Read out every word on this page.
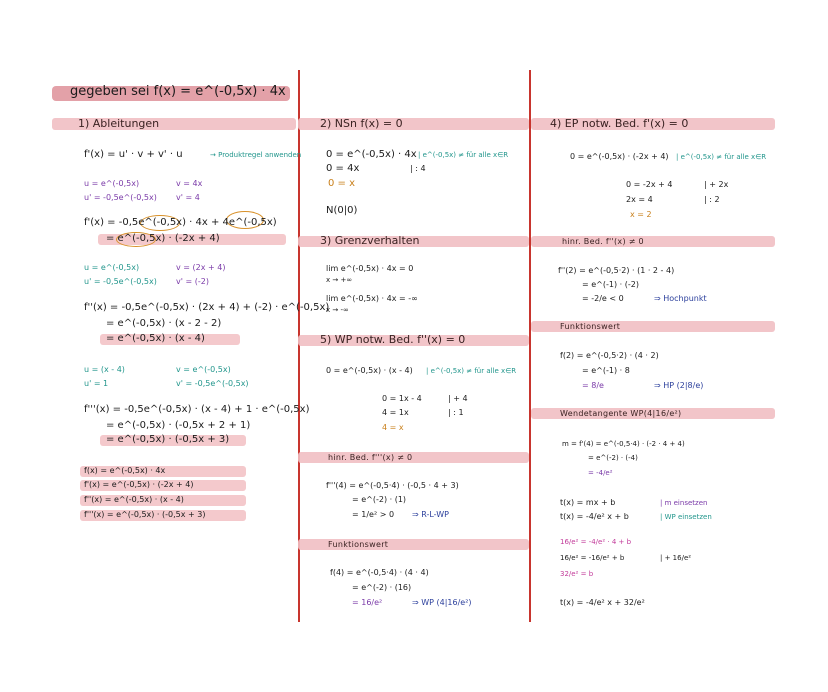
gegeben sei f(x) = e^(-0,5x) · 4x
1) Ableitungen
f'(x) = u' · v + v' · u	→ Produktregel anwenden
u = e^(-0,5x)
u' = -0,5e^(-0,5x)
v = 4x
v' = 4
f'(x) = -0,5e^(-0,5x) · 4x + 4e^(-0,5x)
= e^(-0,5x) · (-2x + 4)
u = e^(-0,5x)
u' = -0,5e^(-0,5x)
v = (2x + 4)
v' = (-2)
f''(x) = -0,5e^(-0,5x) · (2x + 4) + (-2) · e^(-0,5x)
= e^(-0,5x) · (x - 2 - 2)
= e^(-0,5x) · (x - 4)
u = (x - 4)
u' = 1
v = e^(-0,5x)
v' = -0,5e^(-0,5x)
f'''(x) = -0,5e^(-0,5x) · (x - 4) + 1 · e^(-0,5x)
= e^(-0,5x) · (-0,5x + 2 + 1)
= e^(-0,5x) · (-0,5x + 3)
f(x) = e^(-0,5x) · 4x
f'(x) = e^(-0,5x) · (-2x + 4)
f''(x) = e^(-0,5x) · (x - 4)
f'''(x) = e^(-0,5x) · (-0,5x + 3)
2) NSn f(x) = 0
0 = e^(-0,5x) · 4x | e^(-0,5x) ≠ für alle x∈R
0 = 4x	| : 4
0 = x
N(0|0)
3) Grenzverhalten
lim e^(-0,5x) · 4x = 0
x → +∞
lim e^(-0,5x) · 4x = -∞
x → -∞
5) WP notw. Bed. f''(x) = 0
0 = e^(-0,5x) · (x - 4) | e^(-0,5x) ≠ für alle x∈R
0 = 1x - 4	| + 4
4 = 1x	| : 1
4 = x
hinr. Bed. f'''(x) ≠ 0
f'''(4) = e^(-0,5·4) · (-0,5 · 4 + 3)
= e^(-2) · (1)
= 1/e² > 0 ⇒ R-L-WP
Funktionswert
f(4) = e^(-0,5·4) · (4 · 4)
= e^(-2) · (16)
= 16/e²	⇒ WP (4|16/e²)
4) EP notw. Bed. f'(x) = 0
0 = e^(-0,5x) · (-2x + 4) | e^(-0,5x) ≠ für alle x∈R
0 = -2x + 4	| + 2x
2x = 4	| : 2
x = 2
hinr. Bed. f''(x) ≠ 0
f''(2) = e^(-0,5·2) · (1 · 2 - 4)
= e^(-1) · (-2)
= -2/e < 0	⇒ Hochpunkt
Funktionswert
f(2) = e^(-0,5·2) · (4 · 2)
= e^(-1) · 8
= 8/e	⇒ HP (2|8/e)
Wendetangente WP(4|16/e²)
m = f'(4) = e^(-0,5·4) · (-2 · 4 + 4)
= e^(-2) · (-4)
= -4/e²
t(x) = mx + b	| m einsetzen
t(x) = -4/e² x + b	| WP einsetzen
16/e² = -4/e² · 4 + b
16/e² = -16/e² + b	| + 16/e²
32/e² = b
t(x) = -4/e² x + 32/e²
